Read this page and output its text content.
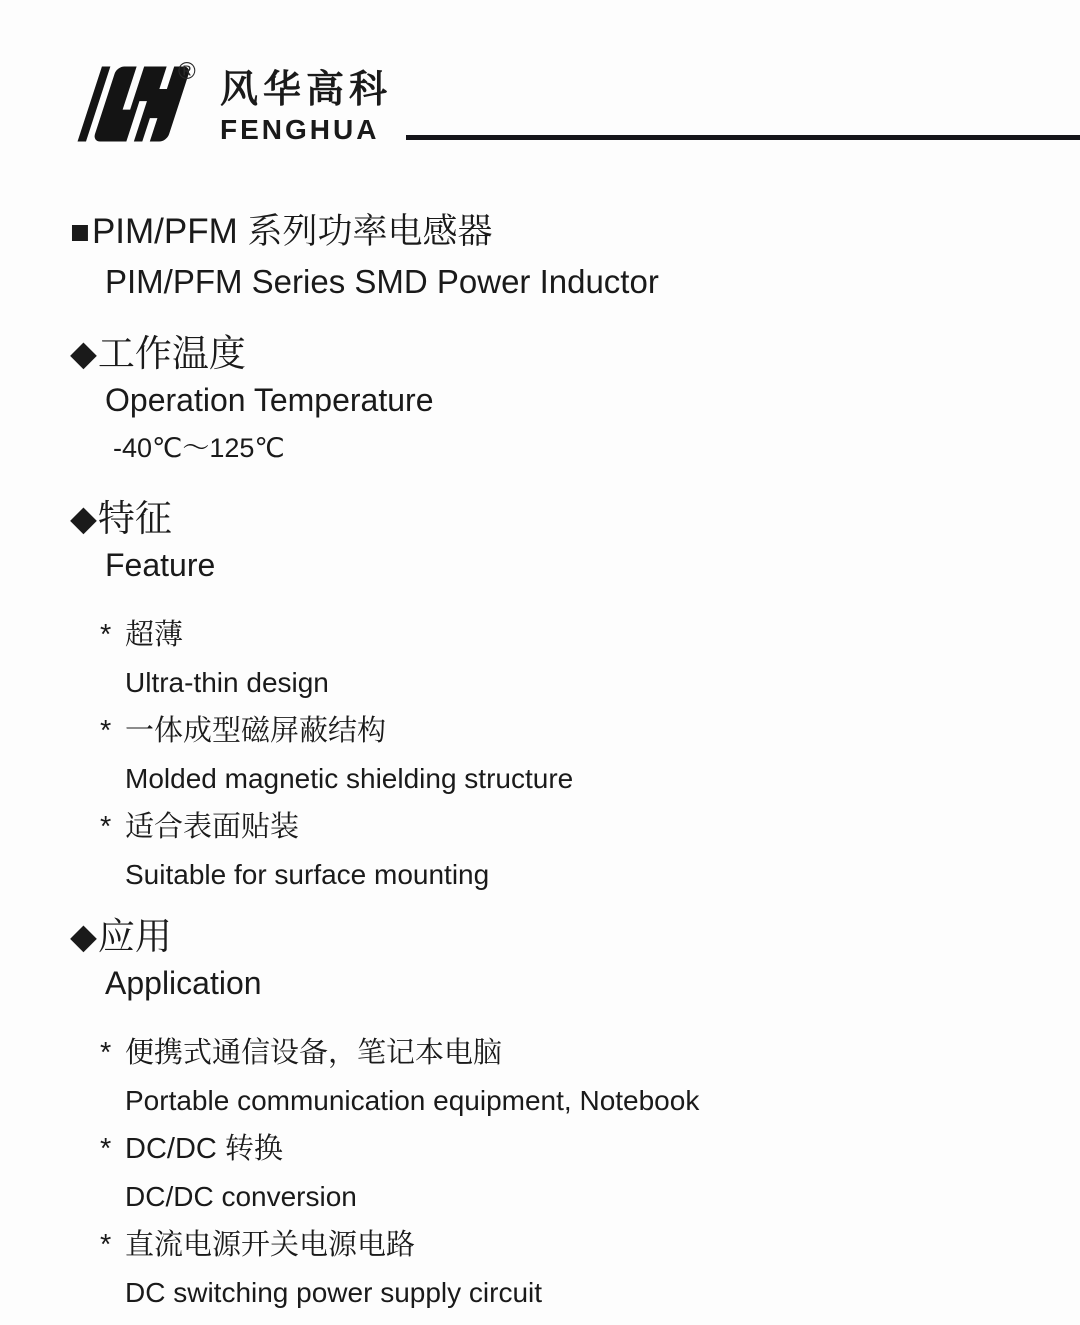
® 风华高科
FENGHUA
■ PIM/PFM 系列功率电感器
PIM/PFM Series SMD Power Inductor
◆ 工作温度
Operation Temperature
-40℃～125℃
◆ 特征
Feature
* 超薄
Ultra-thin design
* 一体成型磁屏蔽结构
Molded magnetic shielding structure
* 适合表面贴装
Suitable for surface mounting
◆ 应用
Application
* 便携式通信设备，笔记本电脑
Portable communication equipment, Notebook
* DC/DC 转换
DC/DC conversion
* 直流电源开关电源电路
DC switching power supply circuit
